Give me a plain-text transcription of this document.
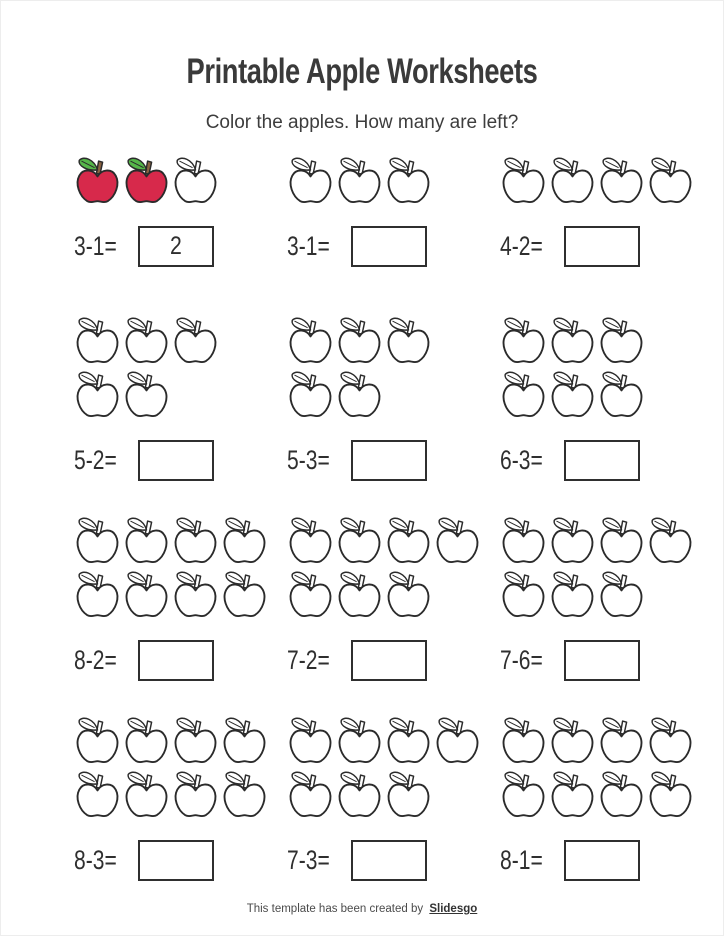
Printable Apple Worksheets
Color the apples. How many are left?
3-1= 2	3-1=	4-2=
5-2=	5-3=	6-3=
8-2=	7-2=	7-6=
8-3=	7-3=	8-1=
This template has been created by Slidesgo
